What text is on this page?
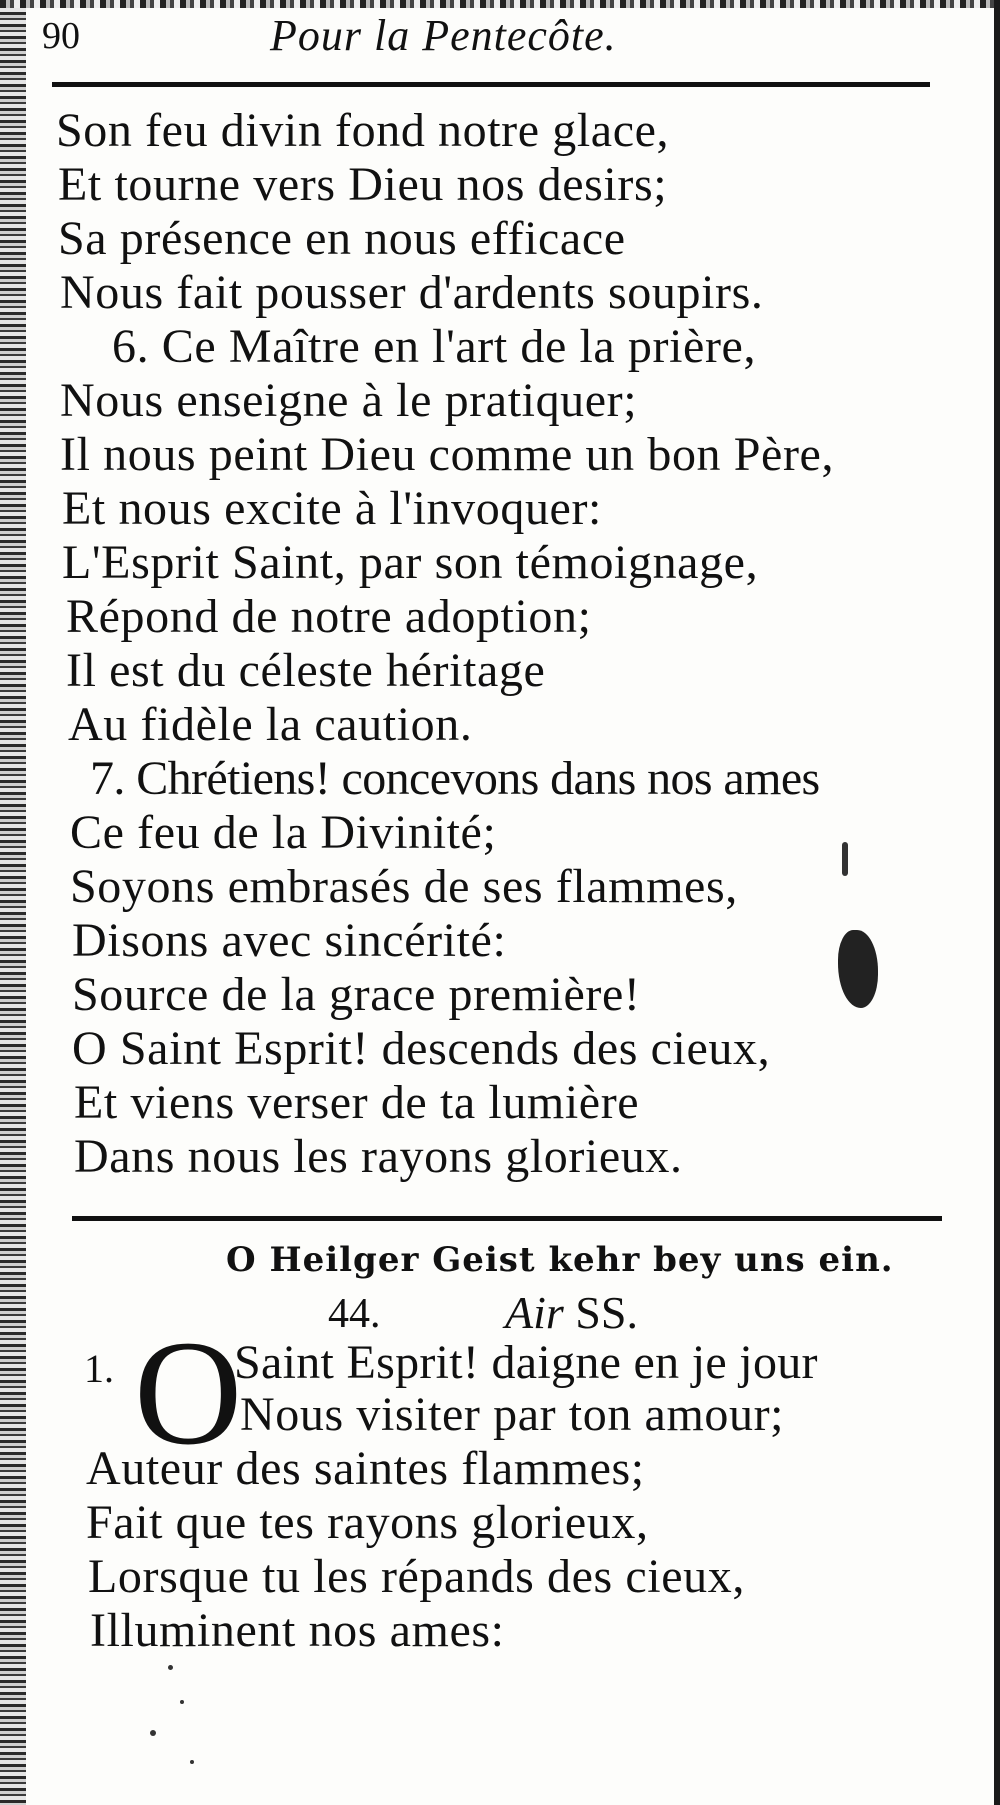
90	Pour la Pentecôte.
Son feu divin fond notre glace,
Et tourne vers Dieu nos desirs;
Sa présence en nous efficace
Nous fait pousser d'ardents soupirs.
6. Ce Maître en l'art de la prière,
Nous enseigne à le pratiquer;
Il nous peint Dieu comme un bon Père,
Et nous excite à l'invoquer:
L'Esprit Saint, par son témoignage,
Répond de notre adoption;
Il est du céleste héritage
Au fidèle la caution.
7. Chrétiens! concevons dans nos ames
Ce feu de la Divinité;
Soyons embrasés de ses flammes,
Disons avec sincérité:
Source de la grace première!
O Saint Esprit! descends des cieux,
Et viens verser de ta lumière
Dans nous les rayons glorieux.
O Heilger Geist kehr bey uns ein.
44.	Air SS.
1. O
Saint Esprit! daigne en je jour
Nous visiter par ton amour;
Auteur des saintes flammes;
Fait que tes rayons glorieux,
Lorsque tu les répands des cieux,
Illuminent nos ames:
